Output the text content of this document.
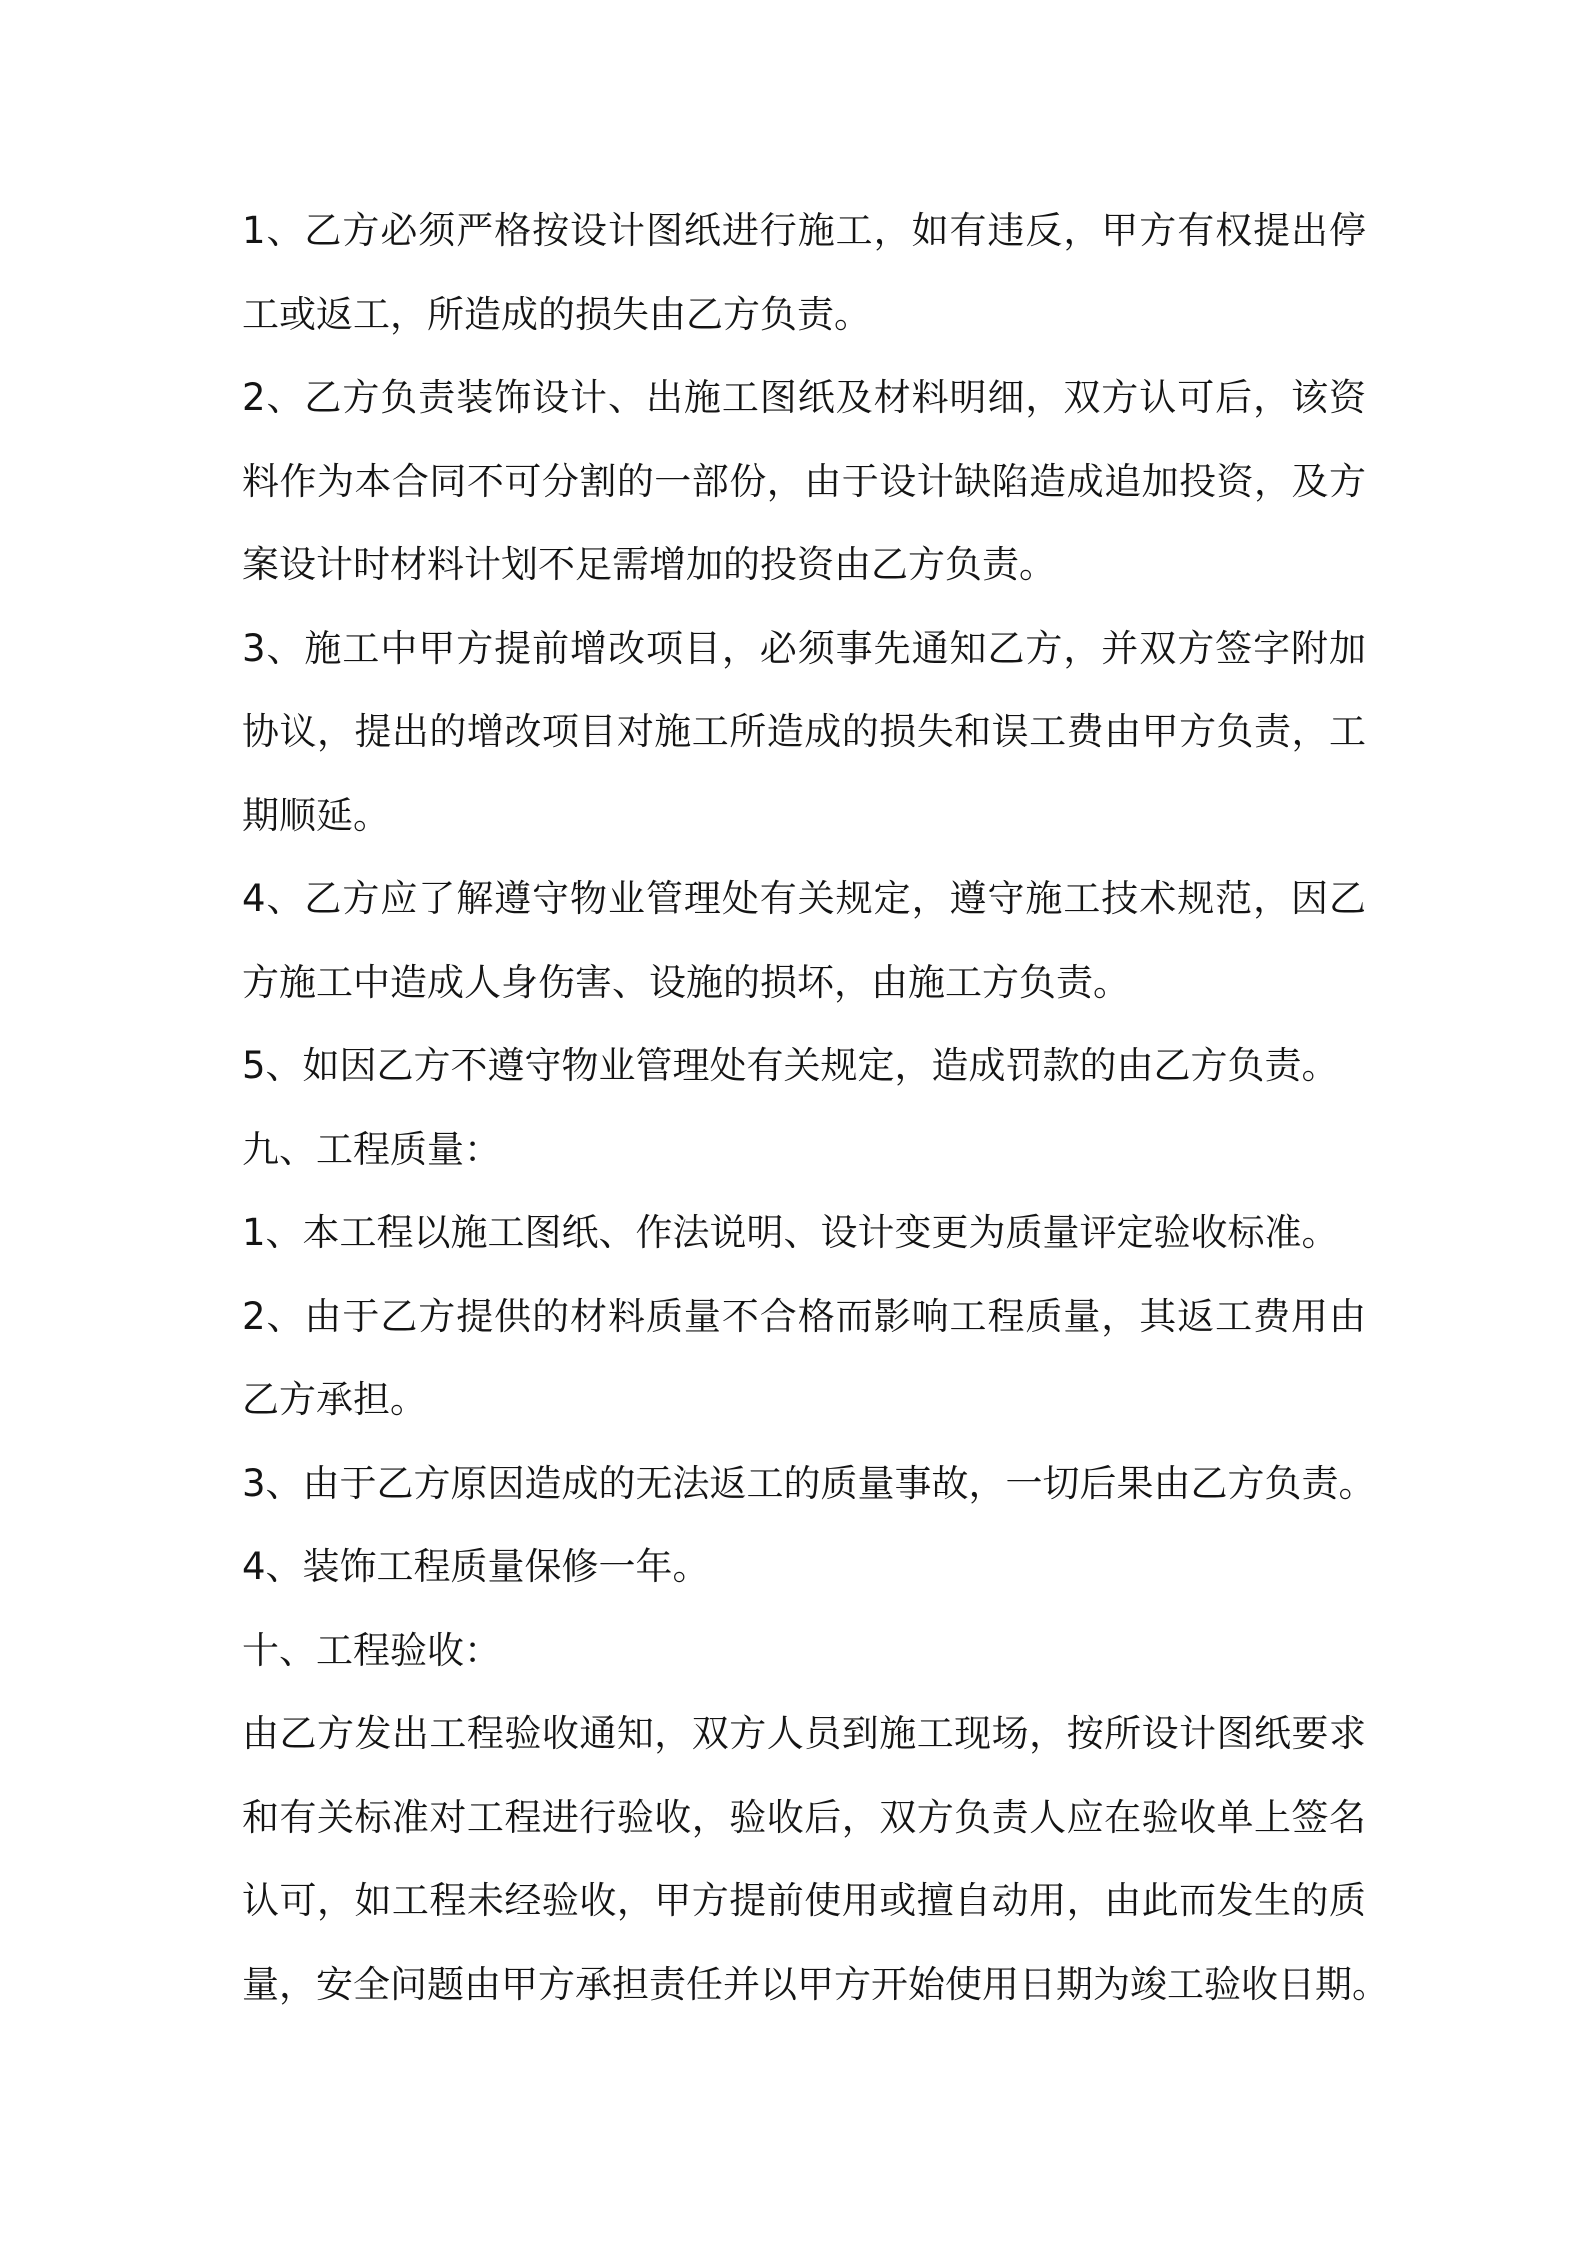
1、乙方必须严格按设计图纸进行施工，如有违反，甲方有权提出停
工或返工，所造成的损失由乙方负责。
2、乙方负责装饰设计、出施工图纸及材料明细，双方认可后，该资
料作为本合同不可分割的一部份，由于设计缺陷造成追加投资，及方
案设计时材料计划不足需增加的投资由乙方负责。
3、施工中甲方提前增改项目，必须事先通知乙方，并双方签字附加
协议，提出的增改项目对施工所造成的损失和误工费由甲方负责，工
期顺延。
4、乙方应了解遵守物业管理处有关规定，遵守施工技术规范，因乙
方施工中造成人身伤害、设施的损坏，由施工方负责。
5、如因乙方不遵守物业管理处有关规定，造成罚款的由乙方负责。
九、工程质量：
1、本工程以施工图纸、作法说明、设计变更为质量评定验收标准。
2、由于乙方提供的材料质量不合格而影响工程质量，其返工费用由
乙方承担。
3、由于乙方原因造成的无法返工的质量事故，一切后果由乙方负责。
4、装饰工程质量保修一年。
十、工程验收：
由乙方发出工程验收通知，双方人员到施工现场，按所设计图纸要求
和有关标准对工程进行验收，验收后，双方负责人应在验收单上签名
认可，如工程未经验收，甲方提前使用或擅自动用，由此而发生的质
量，安全问题由甲方承担责任并以甲方开始使用日期为竣工验收日期。
